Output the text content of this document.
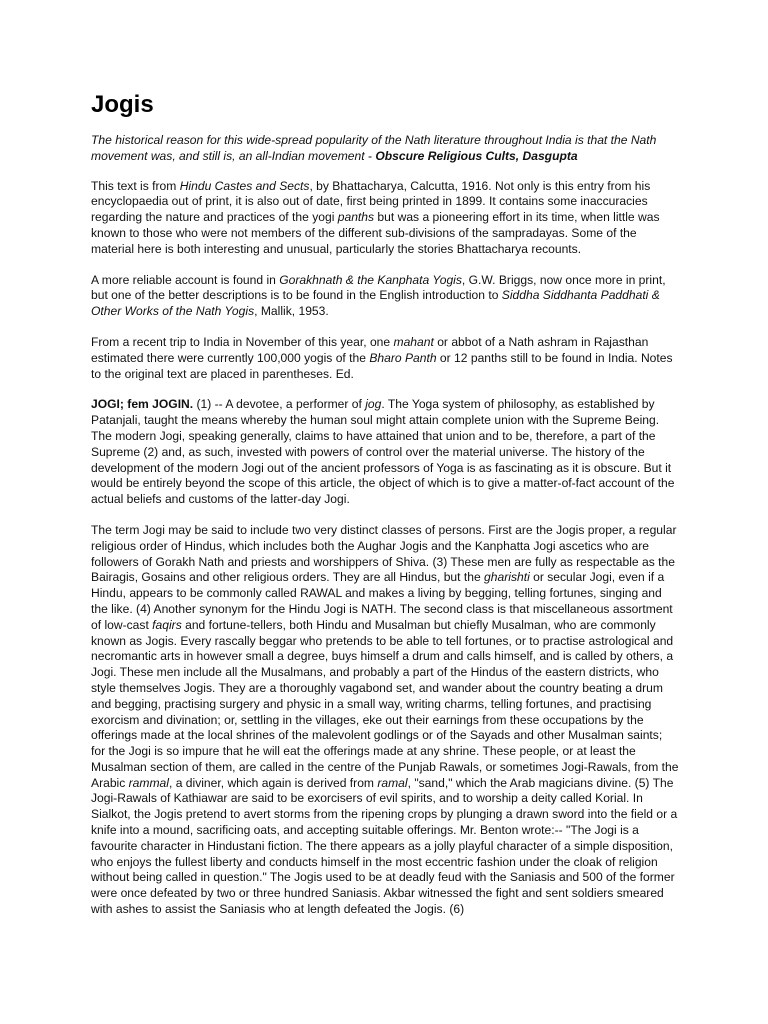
Jogis

The historical reason for this wide-spread popularity of the Nath literature throughout India is that the Nath movement was, and still is, an all-Indian movement - Obscure Religious Cults, Dasgupta

This text is from Hindu Castes and Sects, by Bhattacharya, Calcutta, 1916. Not only is this entry from his encyclopaedia out of print, it is also out of date, first being printed in 1899. It contains some inaccuracies regarding the nature and practices of the yogi panths but was a pioneering effort in its time, when little was known to those who were not members of the different sub-divisions of the sampradayas. Some of the material here is both interesting and unusual, particularly the stories Bhattacharya recounts.

A more reliable account is found in Gorakhnath & the Kanphata Yogis, G.W. Briggs, now once more in print, but one of the better descriptions is to be found in the English introduction to Siddha Siddhanta Paddhati & Other Works of the Nath Yogis, Mallik, 1953.

From a recent trip to India in November of this year, one mahant or abbot of a Nath ashram in Rajasthan estimated there were currently 100,000 yogis of the Bharo Panth or 12 panths still to be found in India. Notes to the original text are placed in parentheses. Ed.

JOGI; fem JOGIN. (1) -- A devotee, a performer of jog. The Yoga system of philosophy, as established by Patanjali, taught the means whereby the human soul might attain complete union with the Supreme Being. The modern Jogi, speaking generally, claims to have attained that union and to be, therefore, a part of the Supreme (2) and, as such, invested with powers of control over the material universe. The history of the development of the modern Jogi out of the ancient professors of Yoga is as fascinating as it is obscure. But it would be entirely beyond the scope of this article, the object of which is to give a matter-of-fact account of the actual beliefs and customs of the latter-day Jogi.

The term Jogi may be said to include two very distinct classes of persons. First are the Jogis proper, a regular religious order of Hindus, which includes both the Aughar Jogis and the Kanphatta Jogi ascetics who are followers of Gorakh Nath and priests and worshippers of Shiva. (3) These men are fully as respectable as the Bairagis, Gosains and other religious orders. They are all Hindus, but the gharishti or secular Jogi, even if a Hindu, appears to be commonly called RAWAL and makes a living by begging, telling fortunes, singing and the like. (4) Another synonym for the Hindu Jogi is NATH. The second class is that miscellaneous assortment of low-cast faqirs and fortune-tellers, both Hindu and Musalman but chiefly Musalman, who are commonly known as Jogis. Every rascally beggar who pretends to be able to tell fortunes, or to practise astrological and necromantic arts in however small a degree, buys himself a drum and calls himself, and is called by others, a Jogi. These men include all the Musalmans, and probably a part of the Hindus of the eastern districts, who style themselves Jogis. They are a thoroughly vagabond set, and wander about the country beating a drum and begging, practising surgery and physic in a small way, writing charms, telling fortunes, and practising exorcism and divination; or, settling in the villages, eke out their earnings from these occupations by the offerings made at the local shrines of the malevolent godlings or of the Sayads and other Musalman saints; for the Jogi is so impure that he will eat the offerings made at any shrine. These people, or at least the Musalman section of them, are called in the centre of the Punjab Rawals, or sometimes Jogi-Rawals, from the Arabic rammal, a diviner, which again is derived from ramal, "sand," which the Arab magicians divine. (5) The Jogi-Rawals of Kathiawar are said to be exorcisers of evil spirits, and to worship a deity called Korial. In Sialkot, the Jogis pretend to avert storms from the ripening crops by plunging a drawn sword into the field or a knife into a mound, sacrificing oats, and accepting suitable offerings. Mr. Benton wrote:-- "The Jogi is a favourite character in Hindustani fiction. The there appears as a jolly playful character of a simple disposition, who enjoys the fullest liberty and conducts himself in the most eccentric fashion under the cloak of religion without being called in question." The Jogis used to be at deadly feud with the Saniasis and 500 of the former were once defeated by two or three hundred Saniasis. Akbar witnessed the fight and sent soldiers smeared with ashes to assist the Saniasis who at length defeated the Jogis. (6)
